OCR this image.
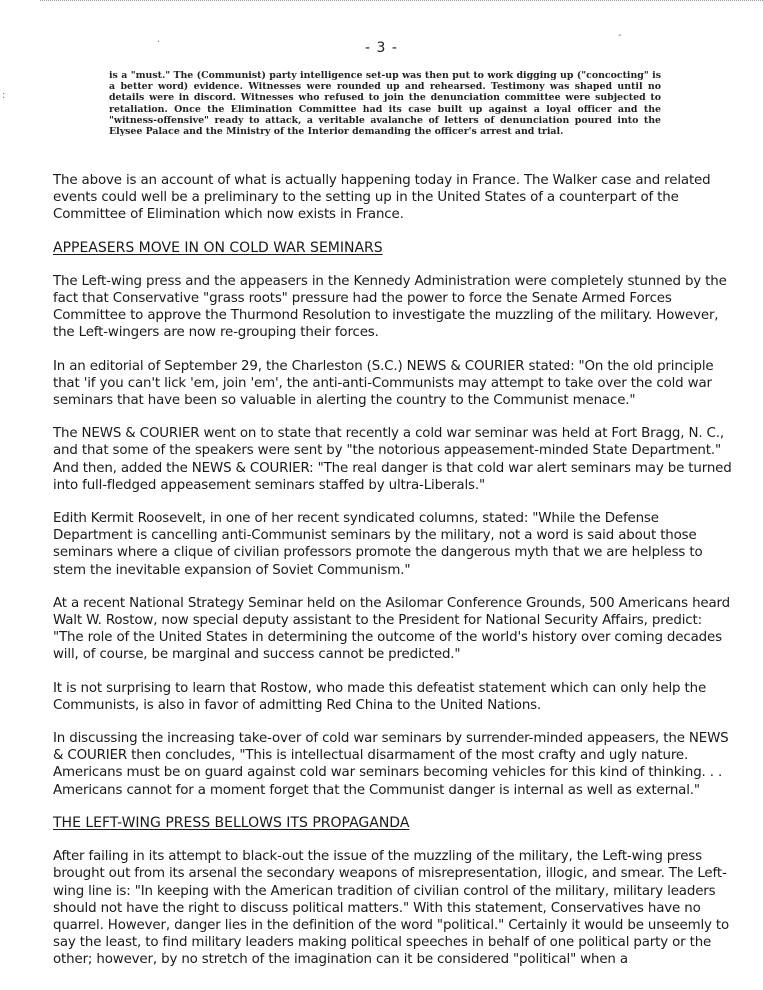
·
-
:
- 3 -
is a "must." The (Communist) party intelligence set-up was then put to work digging up ("concocting" is a better word) evidence. Witnesses were rounded up and rehearsed. Testimony was shaped until no details were in discord. Witnesses who refused to join the denunciation committee were subjected to retaliation. Once the Elimination Committee had its case built up against a loyal officer and the "witness-offensive" ready to attack, a veritable avalanche of letters of denunciation poured into the Elysee Palace and the Ministry of the Interior demanding the officer's arrest and trial.

The above is an account of what is actually happening today in France. The Walker case and related events could well be a preliminary to the setting up in the United States of a counterpart of the Committee of Elimination which now exists in France.

APPEASERS MOVE IN ON COLD WAR SEMINARS

The Left-wing press and the appeasers in the Kennedy Administration were completely stunned by the fact that Conservative "grass roots" pressure had the power to force the Senate Armed Forces Committee to approve the Thurmond Resolution to investigate the muzzling of the military. However, the Left-wingers are now re-grouping their forces.

In an editorial of September 29, the Charleston (S.C.) NEWS & COURIER stated: "On the old principle that 'if you can't lick 'em, join 'em', the anti-anti-Communists may attempt to take over the cold war seminars that have been so valuable in alerting the country to the Communist menace."

The NEWS & COURIER went on to state that recently a cold war seminar was held at Fort Bragg, N. C., and that some of the speakers were sent by "the notorious appeasement-minded State Department." And then, added the NEWS & COURIER: "The real danger is that cold war alert seminars may be turned into full-fledged appeasement seminars staffed by ultra-Liberals."

Edith Kermit Roosevelt, in one of her recent syndicated columns, stated: "While the Defense Department is cancelling anti-Communist seminars by the military, not a word is said about those seminars where a clique of civilian professors promote the dangerous myth that we are helpless to stem the inevitable expansion of Soviet Communism."

At a recent National Strategy Seminar held on the Asilomar Conference Grounds, 500 Americans heard Walt W. Rostow, now special deputy assistant to the President for National Security Affairs, predict: "The role of the United States in determining the outcome of the world's history over coming decades will, of course, be marginal and success cannot be predicted."

It is not surprising to learn that Rostow, who made this defeatist statement which can only help the Communists, is also in favor of admitting Red China to the United Nations.

In discussing the increasing take-over of cold war seminars by surrender-minded appeasers, the NEWS & COURIER then concludes, "This is intellectual disarmament of the most crafty and ugly nature. Americans must be on guard against cold war seminars becoming vehicles for this kind of thinking. . . Americans cannot for a moment forget that the Communist danger is internal as well as external."

THE LEFT-WING PRESS BELLOWS ITS PROPAGANDA

After failing in its attempt to black-out the issue of the muzzling of the military, the Left-wing press brought out from its arsenal the secondary weapons of misrepresentation, illogic, and smear. The Left-wing line is: "In keeping with the American tradition of civilian control of the military, military leaders should not have the right to discuss political matters." With this statement, Conservatives have no quarrel. However, danger lies in the definition of the word "political." Certainly it would be unseemly to say the least, to find military leaders making political speeches in behalf of one political party or the other; however, by no stretch of the imagination can it be considered "political" when a
